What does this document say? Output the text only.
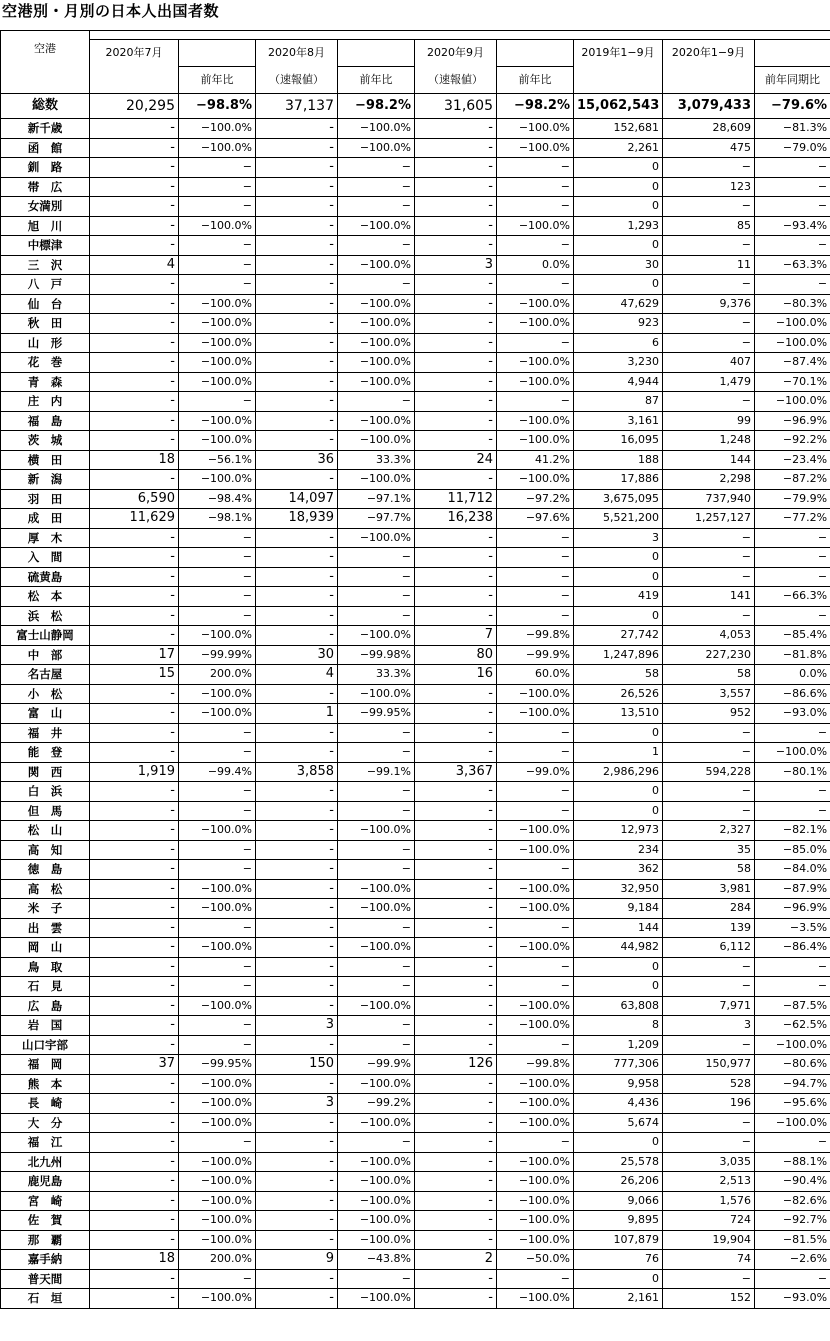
空港別・月別の日本人出国者数

空港	2020年7月		2020年8月		2020年9月		2019年1−9月	2020年1−9月	
		前年比	（速報値）	前年比	（速報値）	前年比			前年同期比
総数	20,295	−98.8%	37,137	−98.2%	31,605	−98.2%	15,062,543	3,079,433	−79.6%
新千歳	-	−100.0%	-	−100.0%	-	−100.0%	152,681	28,609	−81.3%
函　館	-	−100.0%	-	−100.0%	-	−100.0%	2,261	475	−79.0%
釧　路	-	−	-	−	-	−	0	−	−
帯　広	-	−	-	−	-	−	0	123	−
女満別	-	−	-	−	-	−	0	−	−
旭　川	-	−100.0%	-	−100.0%	-	−100.0%	1,293	85	−93.4%
中標津	-	−	-	−	-	−	0	−	−
三　沢	4	−	-	−100.0%	3	0.0%	30	11	−63.3%
八　戸	-	−	-	−	-	−	0	−	−
仙　台	-	−100.0%	-	−100.0%	-	−100.0%	47,629	9,376	−80.3%
秋　田	-	−100.0%	-	−100.0%	-	−100.0%	923	−	−100.0%
山　形	-	−100.0%	-	−100.0%	-	−	6	−	−100.0%
花　巻	-	−100.0%	-	−100.0%	-	−100.0%	3,230	407	−87.4%
青　森	-	−100.0%	-	−100.0%	-	−100.0%	4,944	1,479	−70.1%
庄　内	-	−	-	−	-	−	87	−	−100.0%
福　島	-	−100.0%	-	−100.0%	-	−100.0%	3,161	99	−96.9%
茨　城	-	−100.0%	-	−100.0%	-	−100.0%	16,095	1,248	−92.2%
横　田	18	−56.1%	36	33.3%	24	41.2%	188	144	−23.4%
新　潟	-	−100.0%	-	−100.0%	-	−100.0%	17,886	2,298	−87.2%
羽　田	6,590	−98.4%	14,097	−97.1%	11,712	−97.2%	3,675,095	737,940	−79.9%
成　田	11,629	−98.1%	18,939	−97.7%	16,238	−97.6%	5,521,200	1,257,127	−77.2%
厚　木	-	−	-	−100.0%	-	−	3	−	−
入　間	-	−	-	−	-	−	0	−	−
硫黄島	-	−	-	−	-	−	0	−	−
松　本	-	−	-	−	-	−	419	141	−66.3%
浜　松	-	−	-	−	-	−	0	−	−
富士山静岡	-	−100.0%	-	−100.0%	7	−99.8%	27,742	4,053	−85.4%
中　部	17	−99.99%	30	−99.98%	80	−99.9%	1,247,896	227,230	−81.8%
名古屋	15	200.0%	4	33.3%	16	60.0%	58	58	0.0%
小　松	-	−100.0%	-	−100.0%	-	−100.0%	26,526	3,557	−86.6%
富　山	-	−100.0%	1	−99.95%	-	−100.0%	13,510	952	−93.0%
福　井	-	−	-	−	-	−	0	−	−
能　登	-	−	-	−	-	−	1	−	−100.0%
関　西	1,919	−99.4%	3,858	−99.1%	3,367	−99.0%	2,986,296	594,228	−80.1%
白　浜	-	−	-	−	-	−	0	−	−
但　馬	-	−	-	−	-	−	0	−	−
松　山	-	−100.0%	-	−100.0%	-	−100.0%	12,973	2,327	−82.1%
高　知	-	−	-	−	-	−100.0%	234	35	−85.0%
徳　島	-	−	-	−	-	−	362	58	−84.0%
高　松	-	−100.0%	-	−100.0%	-	−100.0%	32,950	3,981	−87.9%
米　子	-	−100.0%	-	−100.0%	-	−100.0%	9,184	284	−96.9%
出　雲	-	−	-	−	-	−	144	139	−3.5%
岡　山	-	−100.0%	-	−100.0%	-	−100.0%	44,982	6,112	−86.4%
鳥　取	-	−	-	−	-	−	0	−	−
石　見	-	−	-	−	-	−	0	−	−
広　島	-	−100.0%	-	−100.0%	-	−100.0%	63,808	7,971	−87.5%
岩　国	-	−	3	−	-	−100.0%	8	3	−62.5%
山口宇部	-	−	-	−	-	−	1,209	−	−100.0%
福　岡	37	−99.95%	150	−99.9%	126	−99.8%	777,306	150,977	−80.6%
熊　本	-	−100.0%	-	−100.0%	-	−100.0%	9,958	528	−94.7%
長　崎	-	−100.0%	3	−99.2%	-	−100.0%	4,436	196	−95.6%
大　分	-	−100.0%	-	−100.0%	-	−100.0%	5,674	−	−100.0%
福　江	-	−	-	−	-	−	0	−	−
北九州	-	−100.0%	-	−100.0%	-	−100.0%	25,578	3,035	−88.1%
鹿児島	-	−100.0%	-	−100.0%	-	−100.0%	26,206	2,513	−90.4%
宮　崎	-	−100.0%	-	−100.0%	-	−100.0%	9,066	1,576	−82.6%
佐　賀	-	−100.0%	-	−100.0%	-	−100.0%	9,895	724	−92.7%
那　覇	-	−100.0%	-	−100.0%	-	−100.0%	107,879	19,904	−81.5%
嘉手納	18	200.0%	9	−43.8%	2	−50.0%	76	74	−2.6%
普天間	-	−	-	−	-	−	0	−	−
石　垣	-	−100.0%	-	−100.0%	-	−100.0%	2,161	152	−93.0%
